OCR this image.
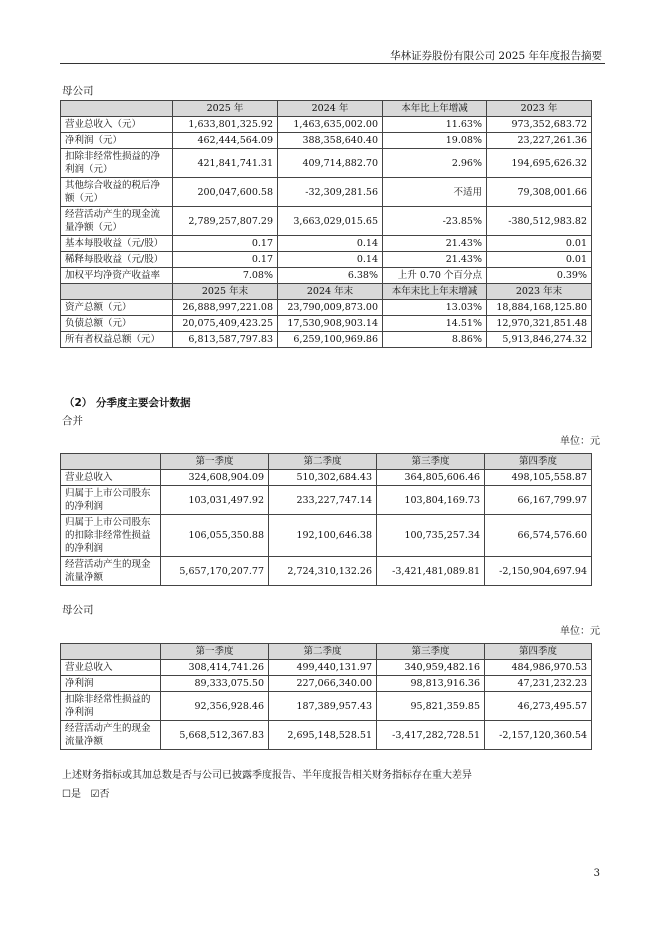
华林证券股份有限公司 2025 年年度报告摘要
母公司
	2025 年	2024 年	本年比上年增减	2023 年
营业总收入（元）	1,633,801,325.92	1,463,635,002.00	11.63%	973,352,683.72
净利润（元）	462,444,564.09	388,358,640.40	19.08%	23,227,261.36
扣除非经常性损益的净利润（元）	421,841,741.31	409,714,882.70	2.96%	194,695,626.32
其他综合收益的税后净额（元）	200,047,600.58	-32,309,281.56	不适用	79,308,001.66
经营活动产生的现金流量净额（元）	2,789,257,807.29	3,663,029,015.65	-23.85%	-380,512,983.82
基本每股收益（元/股）	0.17	0.14	21.43%	0.01
稀释每股收益（元/股）	0.17	0.14	21.43%	0.01
加权平均净资产收益率	7.08%	6.38%	上升 0.70 个百分点	0.39%
	2025 年末	2024 年末	本年末比上年末增减	2023 年末
资产总额（元）	26,888,997,221.08	23,790,009,873.00	13.03%	18,884,168,125.80
负债总额（元）	20,075,409,423.25	17,530,908,903.14	14.51%	12,970,321,851.48
所有者权益总额（元）	6,813,587,797.83	6,259,100,969.86	8.86%	5,913,846,274.32
（2） 分季度主要会计数据
合并
单位：元
	第一季度	第二季度	第三季度	第四季度
营业总收入	324,608,904.09	510,302,684.43	364,805,606.46	498,105,558.87
归属于上市公司股东的净利润	103,031,497.92	233,227,747.14	103,804,169.73	66,167,799.97
归属于上市公司股东的扣除非经常性损益的净利润	106,055,350.88	192,100,646.38	100,735,257.34	66,574,576.60
经营活动产生的现金流量净额	5,657,170,207.77	2,724,310,132.26	-3,421,481,089.81	-2,150,904,697.94
母公司
单位：元
	第一季度	第二季度	第三季度	第四季度
营业总收入	308,414,741.26	499,440,131.97	340,959,482.16	484,986,970.53
净利润	89,333,075.50	227,066,340.00	98,813,916.36	47,231,232.23
扣除非经常性损益的净利润	92,356,928.46	187,389,957.43	95,821,359.85	46,273,495.57
经营活动产生的现金流量净额	5,668,512,367.83	2,695,148,528.51	-3,417,282,728.51	-2,157,120,360.54
上述财务指标或其加总数是否与公司已披露季度报告、半年度报告相关财务指标存在重大差异
☐是 ☑否
3
